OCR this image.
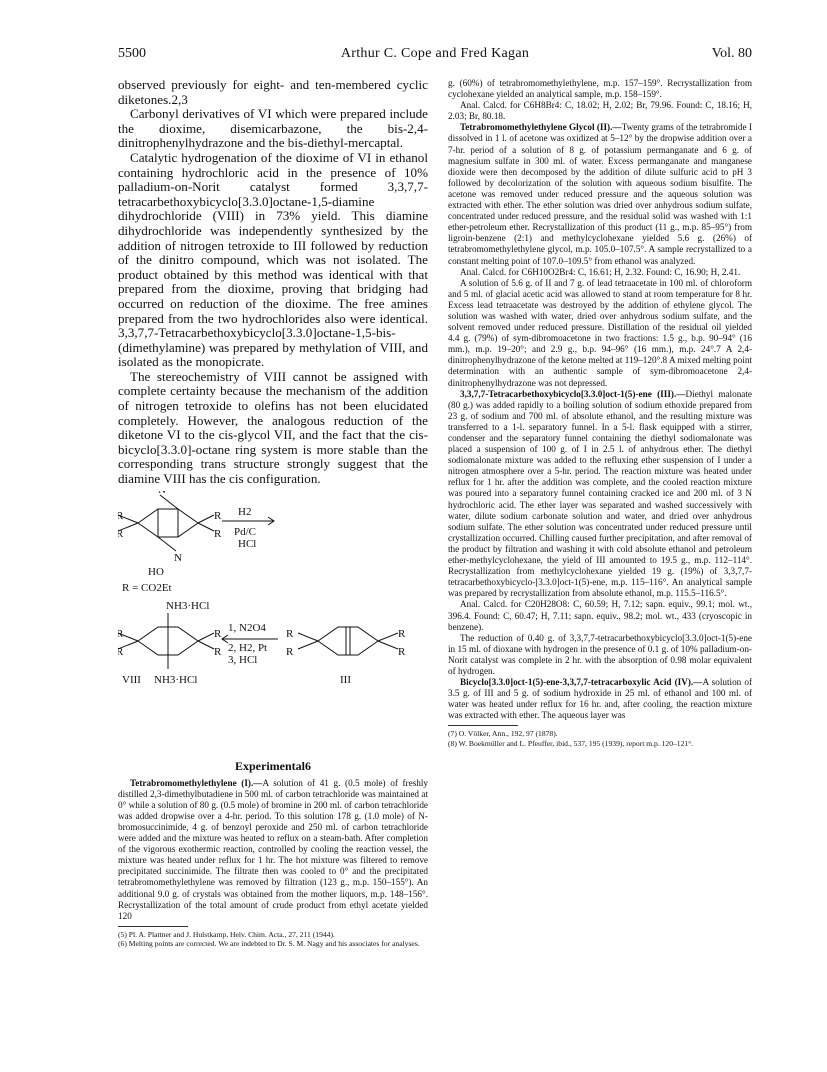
5500	Arthur C. Cope and Fred Kagan	Vol. 80

observed previously for eight- and ten-membered cyclic diketones.2,3

Carbonyl derivatives of VI which were prepared include the dioxime, disemicarbazone, the bis-2,4-dinitrophenylhydrazone and the bis-diethyl-mercaptal.

Catalytic hydrogenation of the dioxime of VI in ethanol containing hydrochloric acid in the presence of 10% palladium-on-Norit catalyst formed 3,3,7,7-tetracarbethoxybicyclo[3.3.0]octane-1,5-diamine dihydrochloride (VIII) in 73% yield. This diamine dihydrochloride was independently synthesized by the addition of nitrogen tetroxide to III followed by reduction of the dinitro compound, which was not isolated. The product obtained by this method was identical with that prepared from the dioxime, proving that bridging had occurred on reduction of the dioxime. The free amines prepared from the two hydrochlorides also were identical. 3,3,7,7-Tetracarbethoxybicyclo[3.3.0]octane-1,5-bis-(dimethylamine) was prepared by methylation of VIII, and isolated as the monopicrate.

The stereochemistry of VIII cannot be assigned with complete certainty because the mechanism of the addition of nitrogen tetroxide to olefins has not been elucidated completely. However, the analogous reduction of the diketone VI to the cis-glycol VII, and the fact that the cis-bicyclo[3.3.0]-octane ring system is more stable than the corresponding trans structure strongly suggest that the diamine VIII has the cis configuration.

R
R
R
R
N
HO
H2
Pd/C
HCl
R = CO2Et
NH3·HCl
R
R
R
R
1, N2O4
2, H2, Pt
3, HCl
R
R
R
R
VIII NH3·HCl	III
Experimental6

Tetrabromomethylethylene (I).—A solution of 41 g. (0.5 mole) of freshly distilled 2,3-dimethylbutadiene in 500 ml. of carbon tetrachloride was maintained at 0° while a solution of 80 g. (0.5 mole) of bromine in 200 ml. of carbon tetrachloride was added dropwise over a 4-hr. period. To this solution 178 g. (1.0 mole) of N-bromosuccinimide, 4 g. of benzoyl peroxide and 250 ml. of carbon tetrachloride were added and the mixture was heated to reflux on a steam-bath. After completion of the vigorous exothermic reaction, controlled by cooling the reaction vessel, the mixture was heated under reflux for 1 hr. The hot mixture was filtered to remove precipitated succinimide. The filtrate then was cooled to 0° and the precipitated tetrabromomethylethylene was removed by filtration (123 g., m.p. 150–155°). An additional 9.0 g. of crystals was obtained from the mother liquors, m.p. 148–156°. Recrystallization of the total amount of crude product from ethyl acetate yielded 120

(5) Pl. A. Plattner and J. Hulstkamp, Helv. Chim. Acta., 27, 211 (1944).
(6) Melting points are corrected. We are indebted to Dr. S. M. Nagy and his associates for analyses.

g. (60%) of tetrabromomethylethylene, m.p. 157–159°. Recrystallization from cyclohexane yielded an analytical sample, m.p. 158–159°.

Anal. Calcd. for C6H8Br4: C, 18.02; H, 2.02; Br, 79.96. Found: C, 18.16; H, 2.03; Br, 80.18.

Tetrabromomethylethylene Glycol (II).—Twenty grams of the tetrabromide I dissolved in 1 l. of acetone was oxidized at 5–12° by the dropwise addition over a 7-hr. period of a solution of 8 g. of potassium permanganate and 6 g. of magnesium sulfate in 300 ml. of water. Excess permanganate and manganese dioxide were then decomposed by the addition of dilute sulfuric acid to pH 3 followed by decolorization of the solution with aqueous sodium bisulfite. The acetone was removed under reduced pressure and the aqueous solution was extracted with ether. The ether solution was dried over anhydrous sodium sulfate, concentrated under reduced pressure, and the residual solid was washed with 1:1 ether-petroleum ether. Recrystallization of this product (11 g., m.p. 85–95°) from ligroin-benzene (2:1) and methylcyclohexane yielded 5.6 g. (26%) of tetrabromomethylethylene glycol, m.p. 105.0–107.5°. A sample recrystallized to a constant melting point of 107.0–109.5° from ethanol was analyzed.

Anal. Calcd. for C6H10O2Br4: C, 16.61; H, 2.32. Found: C, 16.90; H, 2.41.

A solution of 5.6 g. of II and 7 g. of lead tetraacetate in 100 ml. of chloroform and 5 ml. of glacial acetic acid was allowed to stand at room temperature for 8 hr. Excess lead tetraacetate was destroyed by the addition of ethylene glycol. The solution was washed with water, dried over anhydrous sodium sulfate, and the solvent removed under reduced pressure. Distillation of the residual oil yielded 4.4 g. (79%) of sym-dibromoacetone in two fractions: 1.5 g., b.p. 90–94° (16 mm.), m.p. 19–20°; and 2.9 g., b.p. 94–96° (16 mm.), m.p. 24°.7 A 2,4-dinitrophenylhydrazone of the ketone melted at 119–120°.8 A mixed melting point determination with an authentic sample of sym-dibromoacetone 2,4-dinitrophenylhydrazone was not depressed.

3,3,7,7-Tetracarbethoxybicyclo[3.3.0]oct-1(5)-ene (III).—Diethyl malonate (80 g.) was added rapidly to a boiling solution of sodium ethoxide prepared from 23 g. of sodium and 700 ml. of absolute ethanol, and the resulting mixture was transferred to a 1-l. separatory funnel. In a 5-l. flask equipped with a stirrer, condenser and the separatory funnel containing the diethyl sodiomalonate was placed a suspension of 100 g. of I in 2.5 l. of anhydrous ether. The diethyl sodiomalonate mixture was added to the refluxing ether suspension of I under a nitrogen atmosphere over a 5-hr. period. The reaction mixture was heated under reflux for 1 hr. after the addition was complete, and the cooled reaction mixture was poured into a separatory funnel containing cracked ice and 200 ml. of 3 N hydrochloric acid. The ether layer was separated and washed successively with water, dilute sodium carbonate solution and water, and dried over anhydrous sodium sulfate. The ether solution was concentrated under reduced pressure until crystallization occurred. Chilling caused further precipitation, and after removal of the product by filtration and washing it with cold absolute ethanol and petroleum ether-methylcyclohexane, the yield of III amounted to 19.5 g., m.p. 112–114°. Recrystallization from methylcyclohexane yielded 19 g. (19%) of 3,3,7,7-tetracarbethoxybicyclo-[3.3.0]oct-1(5)-ene, m.p. 115–116°. An analytical sample was prepared by recrystallization from absolute ethanol, m.p. 115.5–116.5°.

Anal. Calcd. for C20H28O8: C, 60.59; H, 7.12; sapn. equiv., 99.1; mol. wt., 396.4. Found: C, 60.47; H, 7.11; sapn. equiv., 98.2; mol. wt., 433 (cryoscopic in benzene).

The reduction of 0.40 g. of 3,3,7,7-tetracarbethoxybicyclo[3.3.0]oct-1(5)-ene in 15 ml. of dioxane with hydrogen in the presence of 0.1 g. of 10% palladium-on-Norit catalyst was complete in 2 hr. with the absorption of 0.98 molar equivalent of hydrogen.

Bicyclo[3.3.0]oct-1(5)-ene-3,3,7,7-tetracarboxylic Acid (IV).—A solution of 3.5 g. of III and 5 g. of sodium hydroxide in 25 ml. of ethanol and 100 ml. of water was heated under reflux for 16 hr. and, after cooling, the reaction mixture was extracted with ether. The aqueous layer was

(7) O. Völker, Ann., 192, 97 (1878).
(8) W. Boekmüller and L. Pfeuffer, ibid., 537, 195 (1939), report m.p. 120–121°.
